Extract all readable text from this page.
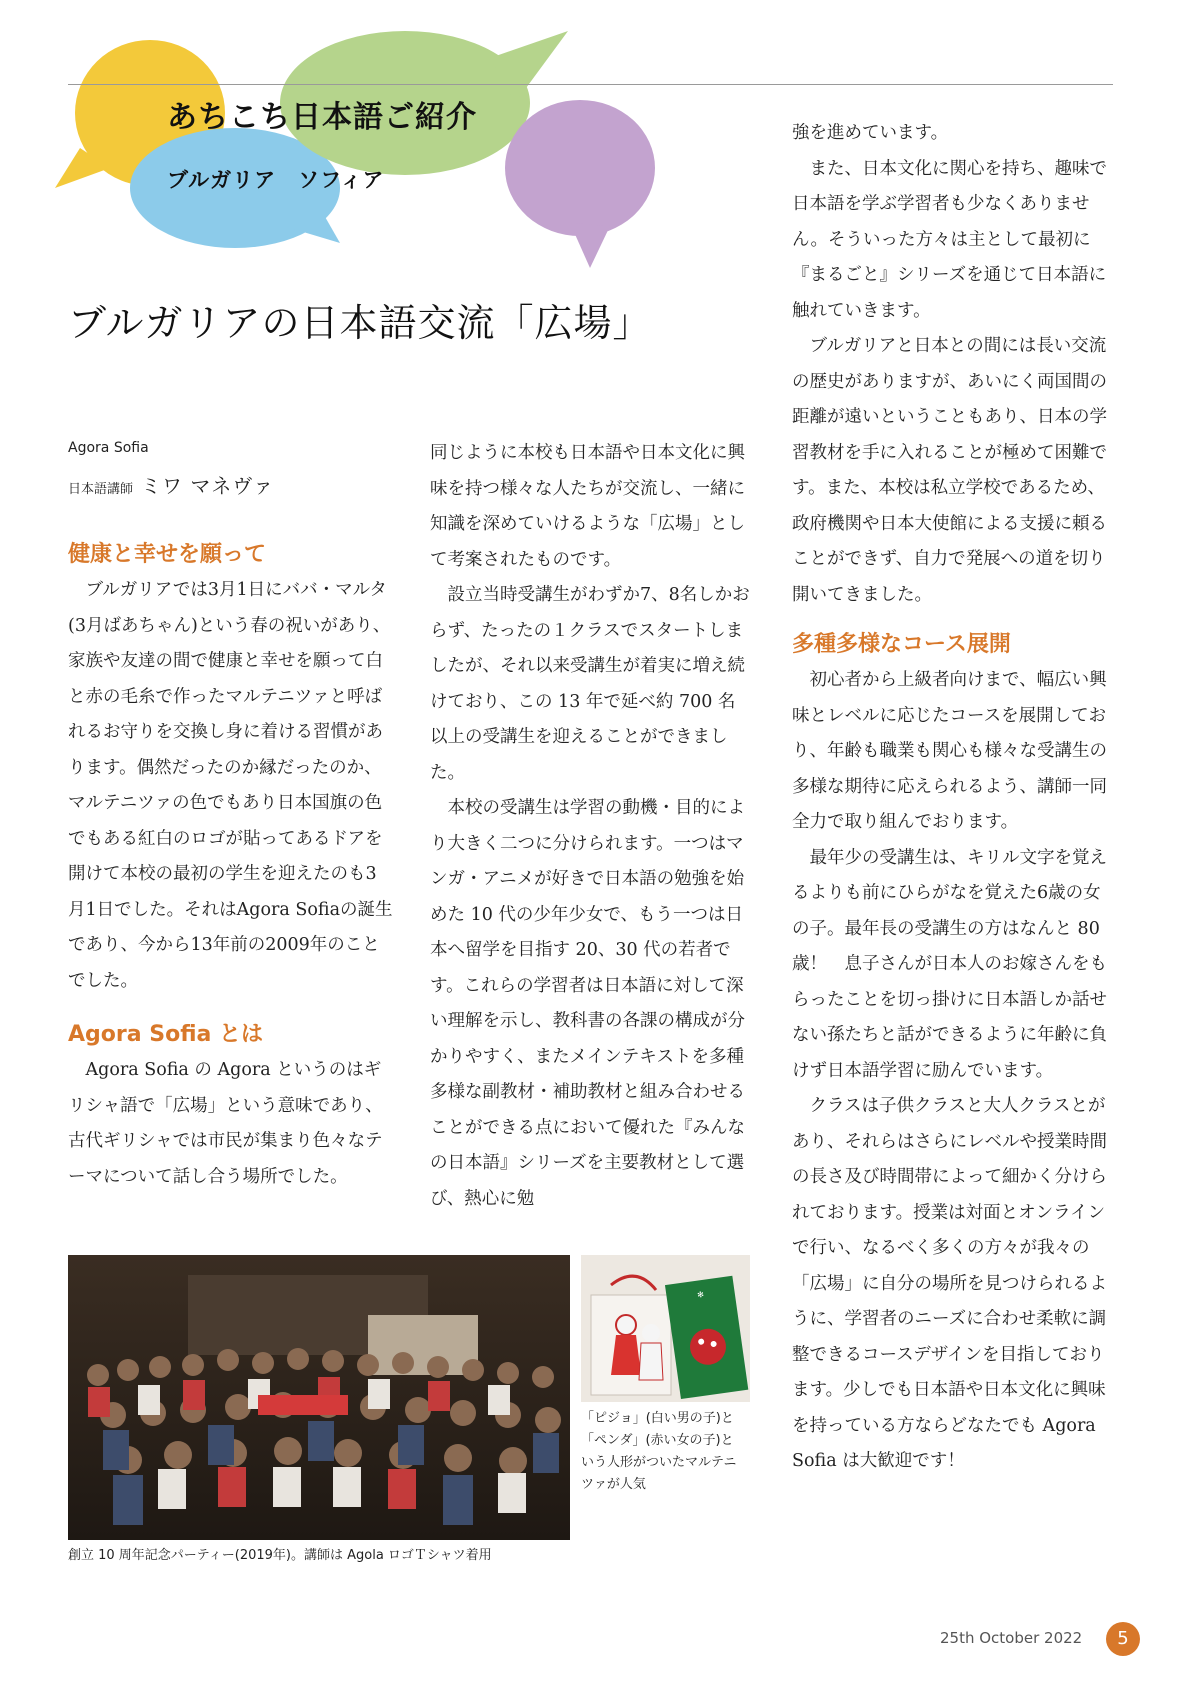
あちこち日本語ご紹介
ブルガリア　ソフィア
ブルガリアの日本語交流「広場」
Agora Sofia
日本語講師 ミワ マネヴァ
健康と幸せを願って

ブルガリアでは3月1日にババ・マルタ(3月ばあちゃん)という春の祝いがあり、家族や友達の間で健康と幸せを願って白と赤の毛糸で作ったマルテニツァと呼ばれるお守りを交換し身に着ける習慣があります。偶然だったのか縁だったのか、マルテニツァの色でもあり日本国旗の色でもある紅白のロゴが貼ってあるドアを開けて本校の最初の学生を迎えたのも3月1日でした。それはAgora Sofiaの誕生であり、今から13年前の2009年のことでした。

Agora Sofia とは

Agora Sofia の Agora というのはギリシャ語で「広場」という意味であり、古代ギリシャでは市民が集まり色々なテーマについて話し合う場所でした。

同じように本校も日本語や日本文化に興味を持つ様々な人たちが交流し、一緒に知識を深めていけるような「広場」として考案されたものです。

設立当時受講生がわずか7、8名しかおらず、たったの１クラスでスタートしましたが、それ以来受講生が着実に増え続けており、この 13 年で延べ約 700 名以上の受講生を迎えることができました。

本校の受講生は学習の動機・目的により大きく二つに分けられます。一つはマンガ・アニメが好きで日本語の勉強を始めた 10 代の少年少女で、もう一つは日本へ留学を目指す 20、30 代の若者です。これらの学習者は日本語に対して深い理解を示し、教科書の各課の構成が分かりやすく、またメインテキストを多種多様な副教材・補助教材と組み合わせることができる点において優れた『みんなの日本語』シリーズを主要教材として選び、熱心に勉

強を進めています。

また、日本文化に関心を持ち、趣味で日本語を学ぶ学習者も少なくありません。そういった方々は主として最初に『まるごと』シリーズを通じて日本語に触れていきます。

ブルガリアと日本との間には長い交流の歴史がありますが、あいにく両国間の距離が遠いということもあり、日本の学習教材を手に入れることが極めて困難です。また、本校は私立学校であるため、政府機関や日本大使館による支援に頼ることができず、自力で発展への道を切り開いてきました。

多種多様なコース展開

初心者から上級者向けまで、幅広い興味とレベルに応じたコースを展開しており、年齢も職業も関心も様々な受講生の多様な期待に応えられるよう、講師一同全力で取り組んでおります。

最年少の受講生は、キリル文字を覚えるよりも前にひらがなを覚えた6歳の女の子。最年長の受講生の方はなんと 80 歳！　息子さんが日本人のお嫁さんをもらったことを切っ掛けに日本語しか話せない孫たちと話ができるように年齢に負けず日本語学習に励んでいます。

クラスは子供クラスと大人クラスとがあり、それらはさらにレベルや授業時間の長さ及び時間帯によって細かく分けられております。授業は対面とオンラインで行い、なるべく多くの方々が我々の「広場」に自分の場所を見つけられるように、学習者のニーズに合わせ柔軟に調整できるコースデザインを目指しております。少しでも日本語や日本文化に興味を持っている方ならどなたでも Agora Sofia は大歓迎です！

✻
創立 10 周年記念パーティー(2019年)。講師は Agola ロゴＴシャツ着用
「ピジョ」(白い男の子)と
「ペンダ」(赤い女の子)と
いう人形がついたマルテニ
ツァが人気
25th October 2022	5
